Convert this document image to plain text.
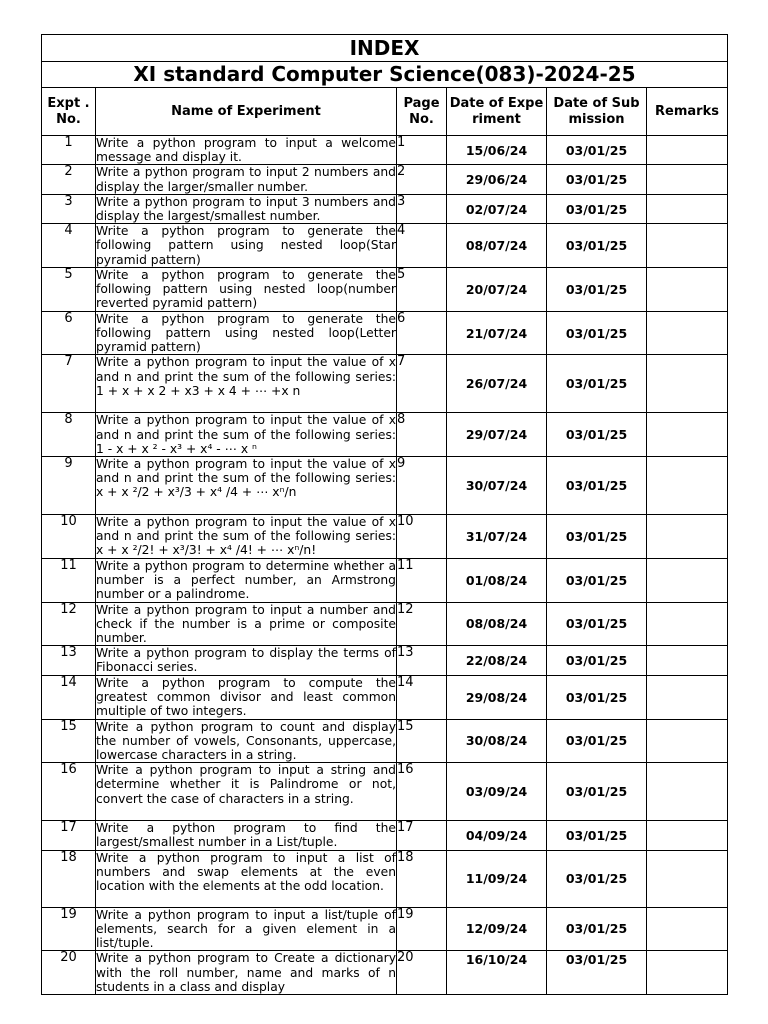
INDEX					
XI standard Computer Science(083)-2024-25					
Expt . No.	Name of Experiment	Page No.	Date of Experiment	Date of Submission	Remarks
1	Write a python program to input a welcome message and display it.	1	15/06/24	03/01/25	
2	Write a python program to input 2 numbers and display the larger/smaller number.	2	29/06/24	03/01/25	
3	Write a python program to input 3 numbers and display the largest/smallest number.	3	02/07/24	03/01/25	
4	Write a python program to generate the following pattern using nested loop(Star pyramid pattern)	4	08/07/24	03/01/25	
5	Write a python program to generate the following pattern using nested loop(number reverted pyramid pattern)	5	20/07/24	03/01/25	
6	Write a python program to generate the following pattern using nested loop(Letter pyramid pattern)	6	21/07/24	03/01/25	
7	Write a python program to input the value of x and n and print the sum of the following series: 1 + x + x 2 + x3 + x 4 + ⋯ +x n	7	26/07/24	03/01/25	
8	Write a python program to input the value of x and n and print the sum of the following series: 1 - x + x ² - x³ + x⁴ - ⋯ x ⁿ	8	29/07/24	03/01/25	
9	Write a python program to input the value of x and n and print the sum of the following series: x + x ²/2 + x³/3 + x⁴ /4 + ⋯ xⁿ/n	9	30/07/24	03/01/25	
10	Write a python program to input the value of x and n and print the sum of the following series: x + x ²/2! + x³/3! + x⁴ /4! + ⋯ xⁿ/n!	10	31/07/24	03/01/25	
11	Write a python program to determine whether a number is a perfect number, an Armstrong number or a palindrome.	11	01/08/24	03/01/25	
12	Write a python program to input a number and check if the number is a prime or composite number.	12	08/08/24	03/01/25	
13	Write a python program to display the terms of Fibonacci series.	13	22/08/24	03/01/25	
14	Write a python program to compute the greatest common divisor and least common multiple of two integers.	14	29/08/24	03/01/25	
15	Write a python program to count and display the number of vowels, Consonants, uppercase, lowercase characters in a string.	15	30/08/24	03/01/25	
16	Write a python program to input a string and determine whether it is Palindrome or not, convert the case of characters in a string.	16	03/09/24	03/01/25	
17	Write a python program to find the largest/smallest number in a List/tuple.	17	04/09/24	03/01/25	
18	Write a python program to input a list of numbers and swap elements at the even location with the elements at the odd location.	18	11/09/24	03/01/25	
19	Write a python program to input a list/tuple of elements, search for a given element in a list/tuple.	19	12/09/24	03/01/25	
20	Write a python program to Create a dictionary with the roll number, name and marks of n students in a class and display	20	16/10/24	03/01/25	
